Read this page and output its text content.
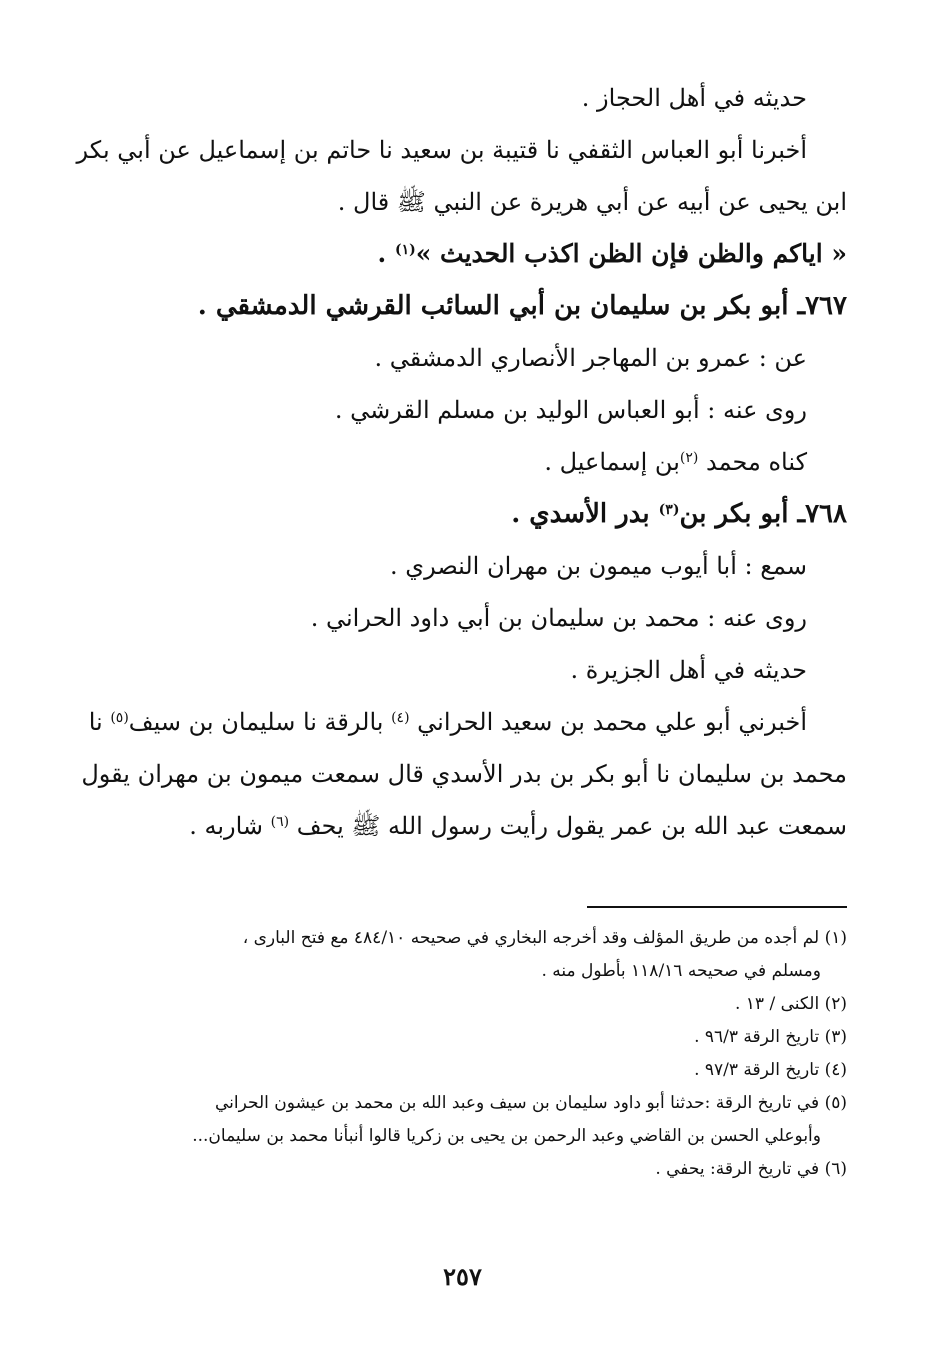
حديثه في أهل الحجاز .
أخبرنا أبو العباس الثقفي نا قتيبة بن سعيد نا حاتم بن إسماعيل عن أبي بكر
ابن يحيى عن أبيه عن أبي هريرة عن النبي ﷺ قال .
« اياكم والظن فإن الظن اكذب الحديث »$^{(١)}$ .
٧٦٧ـ أبو بكر بن سليمان بن أبي السائب القرشي الدمشقي .
عن : عمرو بن المهاجر الأنصاري الدمشقي .
روى عنه : أبو العباس الوليد بن مسلم القرشي .
كناه محمد $^{(٢)}$بن إسماعيل .
٧٦٨ـ أبو بكر بن$^{(٣)}$ بدر الأسدي .
سمع : أبا أيوب ميمون بن مهران النصري .
روى عنه : محمد بن سليمان بن أبي داود الحراني .
حديثه في أهل الجزيرة .
أخبرني أبو علي محمد بن سعيد الحراني $^{(٤)}$ بالرقة نا سليمان بن سيف$^{(٥)}$ نا
محمد بن سليمان نا أبو بكر بن بدر الأسدي قال سمعت ميمون بن مهران يقول
سمعت عبد الله بن عمر يقول رأيت رسول الله ﷺ يحف $^{(٦)}$ شاربه .
(١) لم أجده من طريق المؤلف وقد أخرجه البخاري في صحيحه ٤٨٤/١٠ مع فتح البارى ،
ومسلم في صحيحه ١١٨/١٦ بأطول منه .
(٢) الكنى / ١٣ .
(٣) تاريخ الرقة ٩٦/٣ .
(٤) تاريخ الرقة ٩٧/٣ .
(٥) في تاريخ الرقة :حدثنا أبو داود سليمان بن سيف وعبد الله بن محمد بن عيشون الحراني
وأبوعلي الحسن بن القاضي وعبد الرحمن بن يحيى بن زكريا قالوا أنبأنا محمد بن سليمان...
(٦) في تاريخ الرقة: يحفي .
٢٥٧
